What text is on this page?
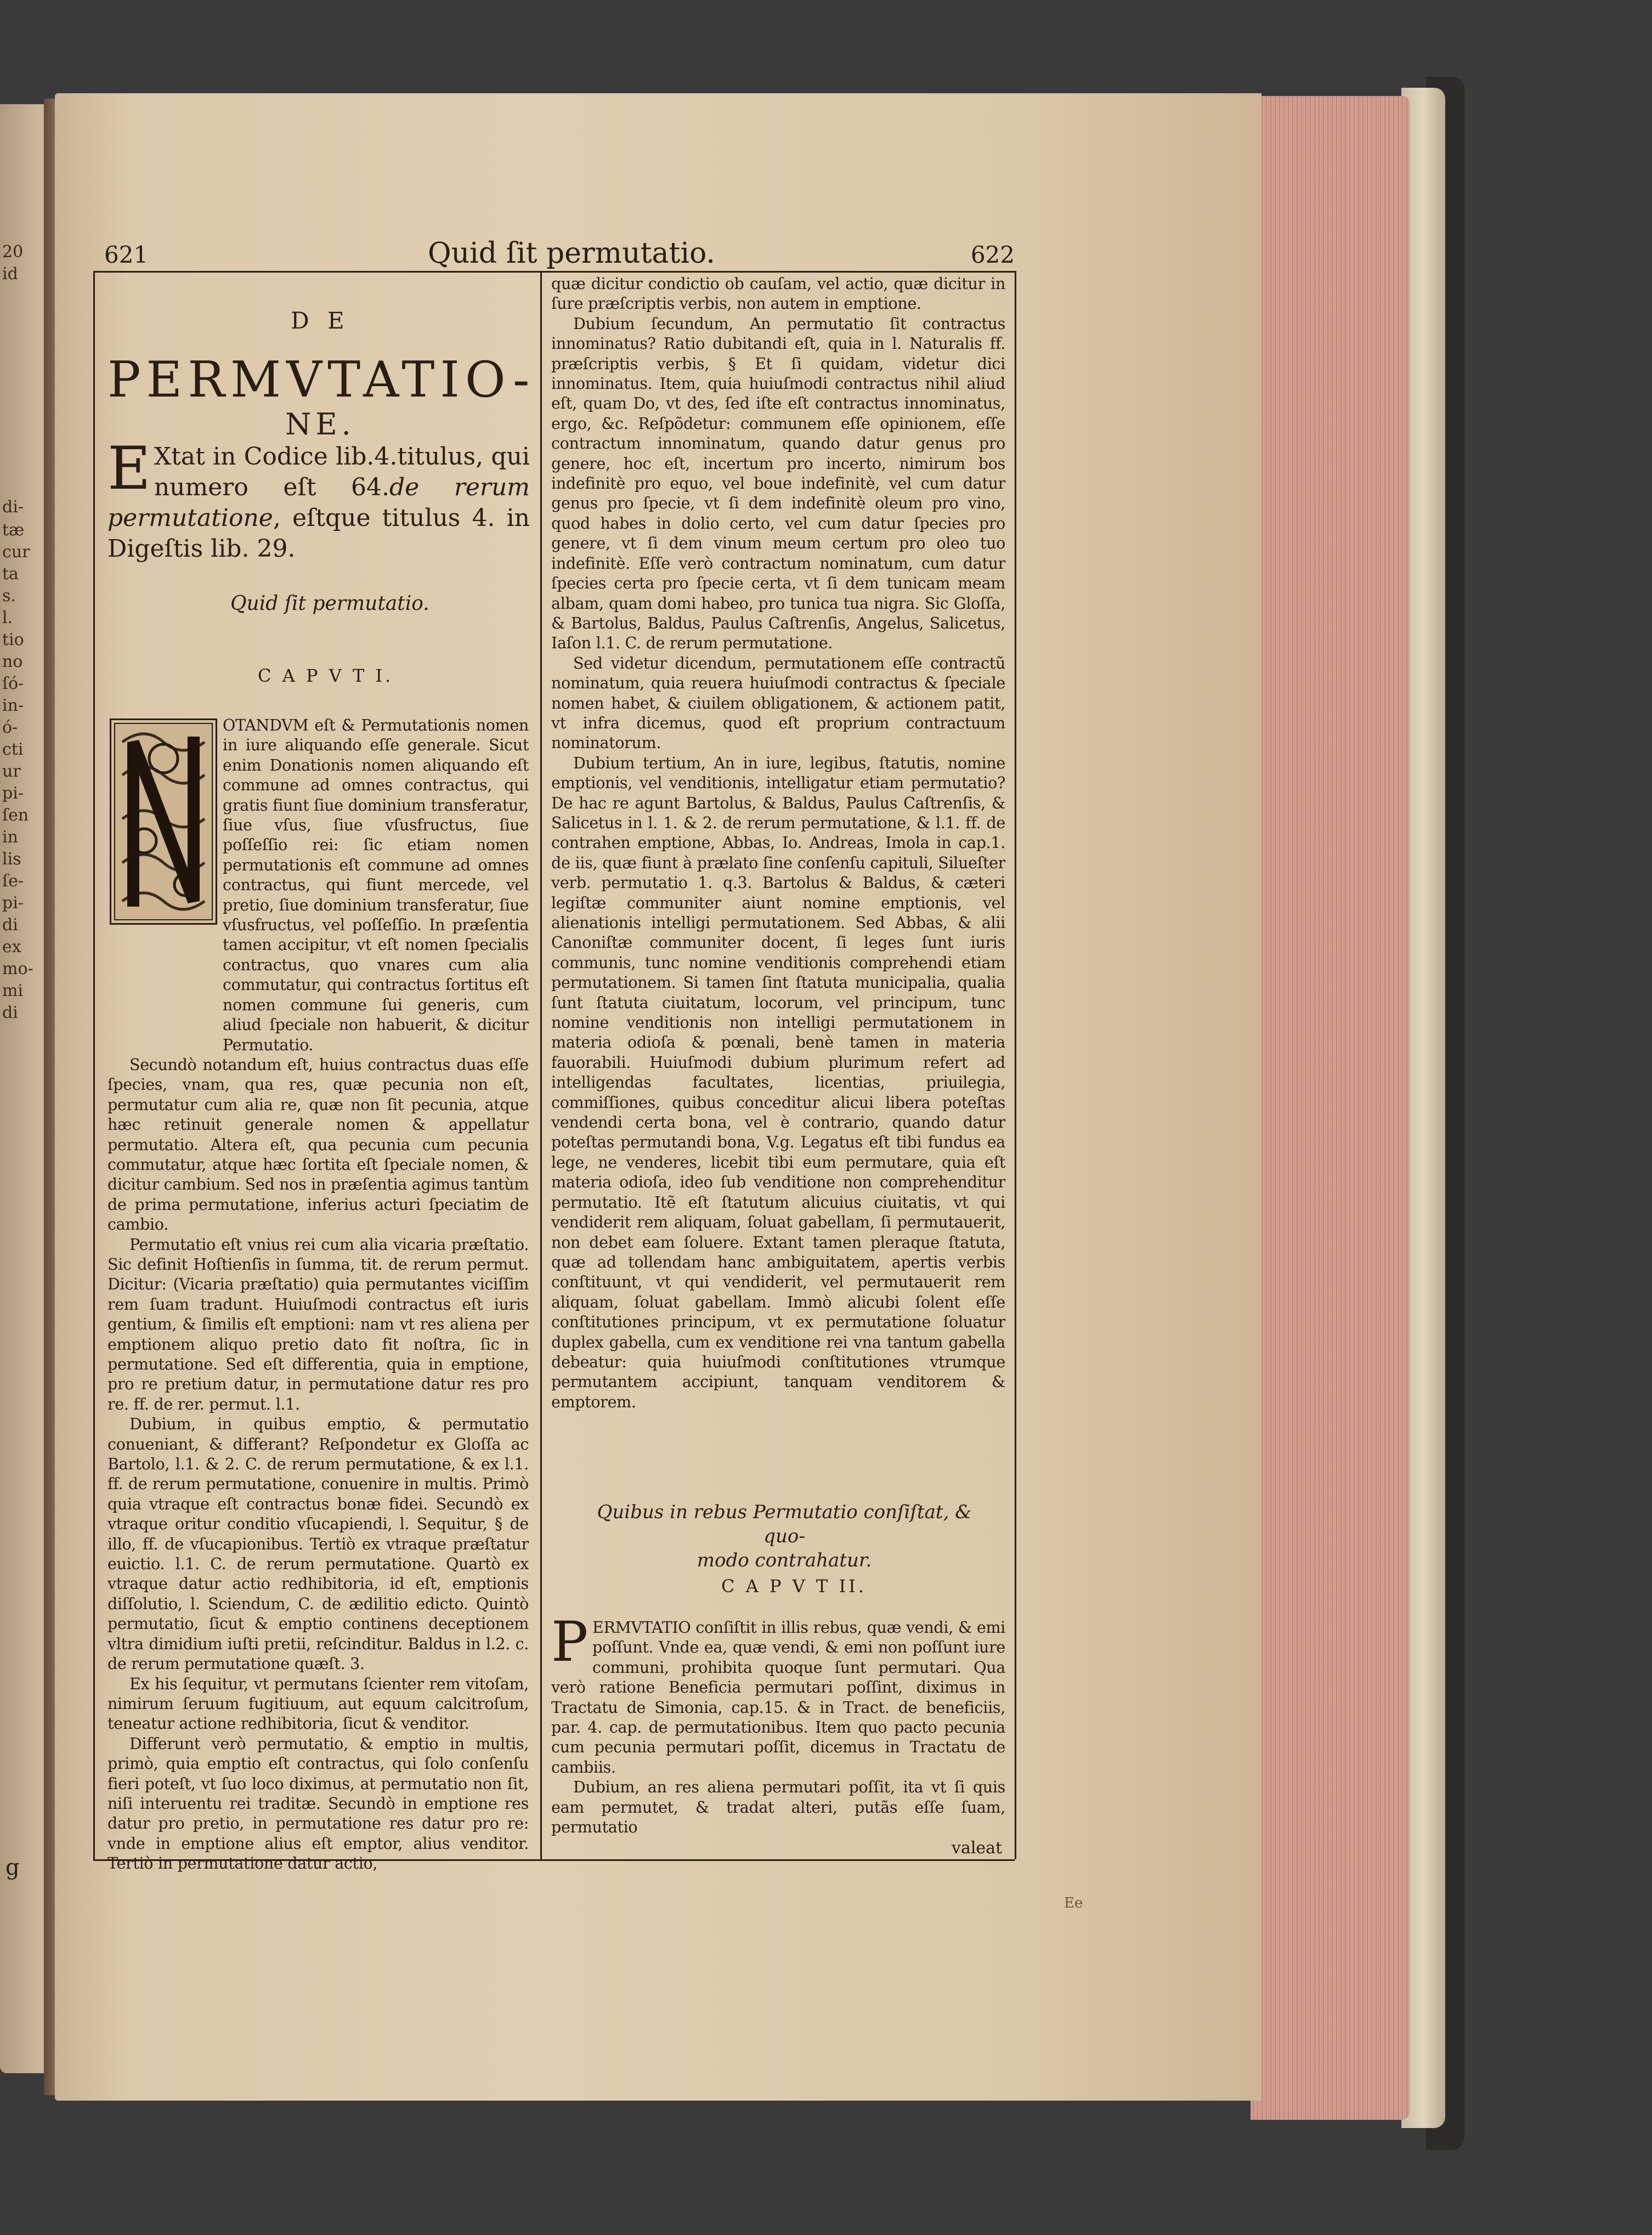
20
id
di-
tæ
cur
ta
s.
l.
tio
no
ſó-
in-
ó-
cti
ur
pi-
ſen
in
lis
ſe-
pi-
di
ex
mo-
mi
di
621	Quid ſit permutatio.	622
D E
PERMVTATIO-
NE.
E Xtat in Codice lib.4.titulus, qui numero eſt 64.de rerum permutatione, eſtque titulus 4. in Digeſtis lib. 29.
Quid ſit permutatio.
C A P V T I.

OTANDVM eſt & Permutationis nomen in iure aliquando eſſe generale. Sicut enim Donationis nomen aliquando eſt commune ad omnes contractus, qui gratis fiunt ſiue dominium transferatur, ſiue vſus, ſiue vſusfructus, ſiue poſſeſſio rei: ſic etiam nomen permutationis eſt commune ad omnes contractus, qui fiunt mercede, vel pretio, ſiue dominium transferatur, ſiue vſusfructus, vel poſſeſſio. In præſentia tamen accipitur, vt eſt nomen ſpecialis contractus, quo vnares cum alia commutatur, qui contractus ſortitus eſt nomen commune ſui generis, cum aliud ſpeciale non habuerit, & dicitur Permutatio.

Secundò notandum eſt, huius contractus duas eſſe ſpecies, vnam, qua res, quæ pecunia non eſt, permutatur cum alia re, quæ non ſit pecunia, atque hæc retinuit generale nomen & appellatur permutatio. Altera eſt, qua pecunia cum pecunia commutatur, atque hæc ſortita eſt ſpeciale nomen, & dicitur cambium. Sed nos in præſentia agimus tantùm de prima permutatione, inferius acturi ſpeciatim de cambio.

Permutatio eſt vnius rei cum alia vicaria præſtatio. Sic definit Hoſtienſis in ſumma, tit. de rerum permut. Dicitur: (Vicaria præſtatio) quia permutantes viciſſim rem ſuam tradunt. Huiuſmodi contractus eſt iuris gentium, & ſimilis eſt emptioni: nam vt res aliena per emptionem aliquo pretio dato fit noſtra, ſic in permutatione. Sed eſt differentia, quia in emptione, pro re pretium datur, in permutatione datur res pro re. ff. de rer. permut. l.1.

Dubium, in quibus emptio, & permutatio conueniant, & differant? Reſpondetur ex Gloſſa ac Bartolo, l.1. & 2. C. de rerum permutatione, & ex l.1. ff. de rerum permutatione, conuenire in multis. Primò quia vtraque eſt contractus bonæ fidei. Secundò ex vtraque oritur conditio vſucapiendi, l. Sequitur, § de illo, ff. de vſucapionibus. Tertiò ex vtraque præſtatur euictio. l.1. C. de rerum permutatione. Quartò ex vtraque datur actio redhibitoria, id eſt, emptionis diſſolutio, l. Sciendum, C. de ædilitio edicto. Quintò permutatio, ſicut & emptio continens deceptionem vltra dimidium iuſti pretii, reſcinditur. Baldus in l.2. c. de rerum permutatione quæſt. 3.

Ex his ſequitur, vt permutans ſcienter rem vitoſam, nimirum ſeruum fugitiuum, aut equum calcitroſum, teneatur actione redhibitoria, ſicut & venditor.

Differunt verò permutatio, & emptio in multis, primò, quia emptio eſt contractus, qui ſolo conſenſu fieri poteſt, vt ſuo loco diximus, at permutatio non ſit, niſi interuentu rei traditæ. Secundò in emptione res datur pro pretio, in permutatione res datur pro re: vnde in emptione alius eſt emptor, alius venditor. Tertiò in permutatione datur actio,

quæ dicitur condictio ob cauſam, vel actio, quæ dicitur in ſure præſcriptis verbis, non autem in emptione.

Dubium ſecundum, An permutatio ſit contractus innominatus? Ratio dubitandi eſt, quia in l. Naturalis ff. præſcriptis verbis, § Et ſi quidam, videtur dici innominatus. Item, quia huiuſmodi contractus nihil aliud eſt, quam Do, vt des, ſed iſte eſt contractus innominatus, ergo, &c. Reſpõdetur: communem eſſe opinionem, eſſe contractum innominatum, quando datur genus pro genere, hoc eſt, incertum pro incerto, nimirum bos indefinitè pro equo, vel boue indefinitè, vel cum datur genus pro ſpecie, vt ſi dem indefinitè oleum pro vino, quod habes in dolio certo, vel cum datur ſpecies pro genere, vt ſi dem vinum meum certum pro oleo tuo indefinitè. Eſſe verò contractum nominatum, cum datur ſpecies certa pro ſpecie certa, vt ſi dem tunicam meam albam, quam domi habeo, pro tunica tua nigra. Sic Gloſſa, & Bartolus, Baldus, Paulus Caſtrenſis, Angelus, Salicetus, Iaſon l.1. C. de rerum permutatione.

Sed videtur dicendum, permutationem eſſe contractũ nominatum, quia reuera huiuſmodi contractus & ſpeciale nomen habet, & ciuilem obligationem, & actionem patit, vt infra dicemus, quod eſt proprium contractuum nominatorum.

Dubium tertium, An in iure, legibus, ſtatutis, nomine emptionis, vel venditionis, intelligatur etiam permutatio? De hac re agunt Bartolus, & Baldus, Paulus Caſtrenſis, & Salicetus in l. 1. & 2. de rerum permutatione, & l.1. ff. de contrahen emptione, Abbas, Io. Andreas, Imola in cap.1. de iis, quæ fiunt à prælato ſine conſenſu capituli, Silueſter verb. permutatio 1. q.3. Bartolus & Baldus, & cæteri legiſtæ communiter aiunt nomine emptionis, vel alienationis intelligi permutationem. Sed Abbas, & alii Canoniſtæ communiter docent, ſi leges ſunt iuris communis, tunc nomine venditionis comprehendi etiam permutationem. Si tamen ſint ſtatuta municipalia, qualia ſunt ſtatuta ciuitatum, locorum, vel principum, tunc nomine venditionis non intelligi permutationem in materia odioſa & pœnali, benè tamen in materia fauorabili. Huiuſmodi dubium plurimum refert ad intelligendas facultates, licentias, priuilegia, commiſſiones, quibus conceditur alicui libera poteſtas vendendi certa bona, vel è contrario, quando datur poteſtas permutandi bona, V.g. Legatus eſt tibi fundus ea lege, ne venderes, licebit tibi eum permutare, quia eſt materia odioſa, ideo ſub venditione non comprehenditur permutatio. Itẽ eſt ſtatutum alicuius ciuitatis, vt qui vendiderit rem aliquam, ſoluat gabellam, ſi permutauerit, non debet eam ſoluere. Extant tamen pleraque ſtatuta, quæ ad tollendam hanc ambiguitatem, apertis verbis conſtituunt, vt qui vendiderit, vel permutauerit rem aliquam, ſoluat gabellam. Immò alicubi ſolent eſſe conſtitutiones principum, vt ex permutatione ſoluatur duplex gabella, cum ex venditione rei vna tantum gabella debeatur: quia huiuſmodi conſtitutiones vtrumque permutantem accipiunt, tanquam venditorem & emptorem.

Quibus in rebus Permutatio conſiſtat, & quo-
modo contrahatur.
C A P V T II.

PERMVTATIO conſiſtit in illis rebus, quæ vendi, & emi poſſunt. Vnde ea, quæ vendi, & emi non poſſunt iure communi, prohibita quoque ſunt permutari. Qua verò ratione Beneficia permutari poſſint, diximus in Tractatu de Simonia, cap.15. & in Tract. de beneficiis, par. 4. cap. de permutationibus. Item quo pacto pecunia cum pecunia permutari poſſit, dicemus in Tractatu de cambiis.

Dubium, an res aliena permutari poſſit, ita vt ſi quis eam permutet, & tradat alteri, putãs eſſe ſuam, permutatio

valeat
Ee
g
